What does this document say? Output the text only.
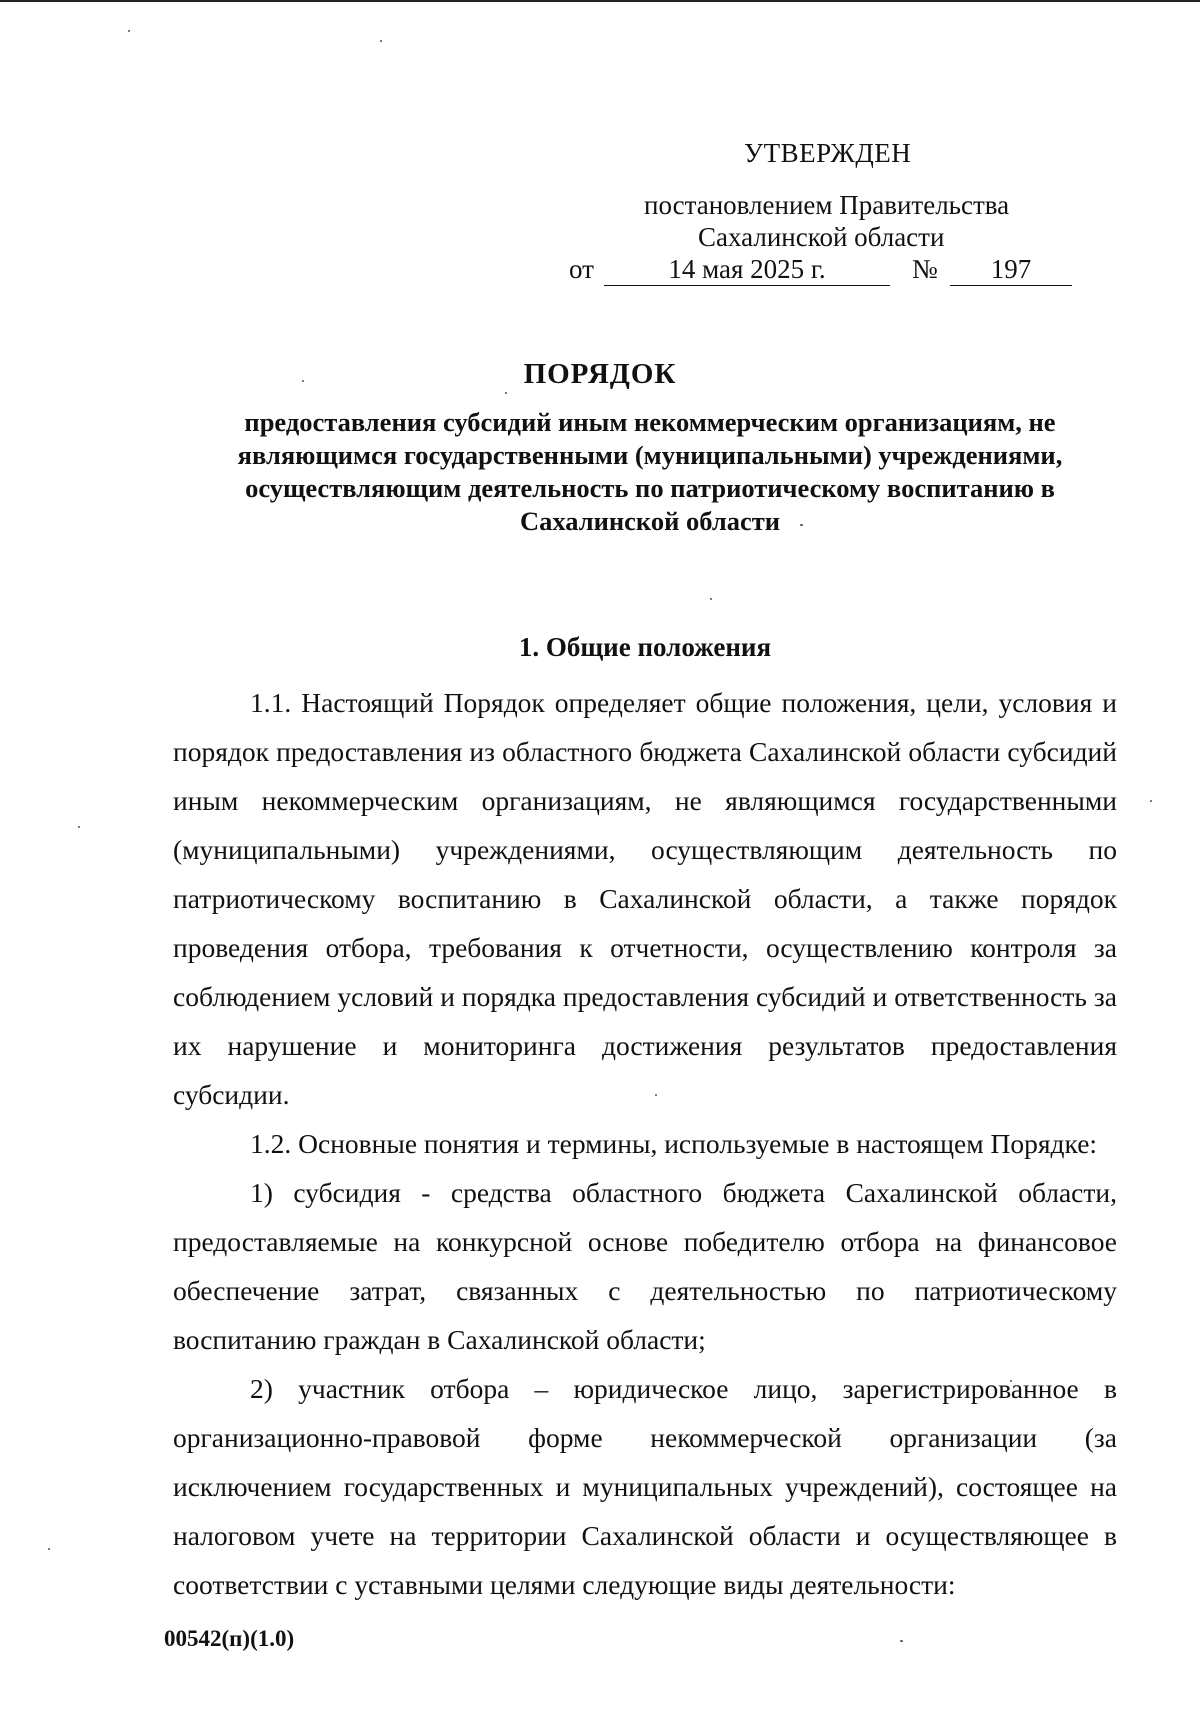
УТВЕРЖДЕН
постановлением Правительства
Сахалинской области
от	14 мая 2025 г.	№	197
ПОРЯДОК
предоставления субсидий иным некоммерческим организациям, не являющимся государственными (муниципальными) учреждениями, осуществляющим деятельность по патриотическому воспитанию в Сахалинской области
1. Общие положения

1.1. Настоящий Порядок определяет общие положения, цели, условия и порядок предоставления из областного бюджета Сахалинской области субсидий иным некоммерческим организациям, не являющимся государственными (муниципальными) учреждениями, осуществляющим деятельность по патриотическому воспитанию в Сахалинской области, а также порядок проведения отбора, требования к отчетности, осуществлению контроля за соблюдением условий и порядка предоставления субсидий и ответственность за их нарушение и мониторинга достижения результатов предоставления субсидии.

1.2. Основные понятия и термины, используемые в настоящем Порядке:

1) субсидия - средства областного бюджета Сахалинской области, предоставляемые на конкурсной основе победителю отбора на финансовое обеспечение затрат, связанных с деятельностью по патриотическому воспитанию граждан в Сахалинской области;

2) участник отбора – юридическое лицо, зарегистрированное в организационно-правовой форме некоммерческой организации (за исключением государственных и муниципальных учреждений), состоящее на налоговом учете на территории Сахалинской области и осуществляющее в соответствии с уставными целями следующие виды деятельности:

00542(п)(1.0)
